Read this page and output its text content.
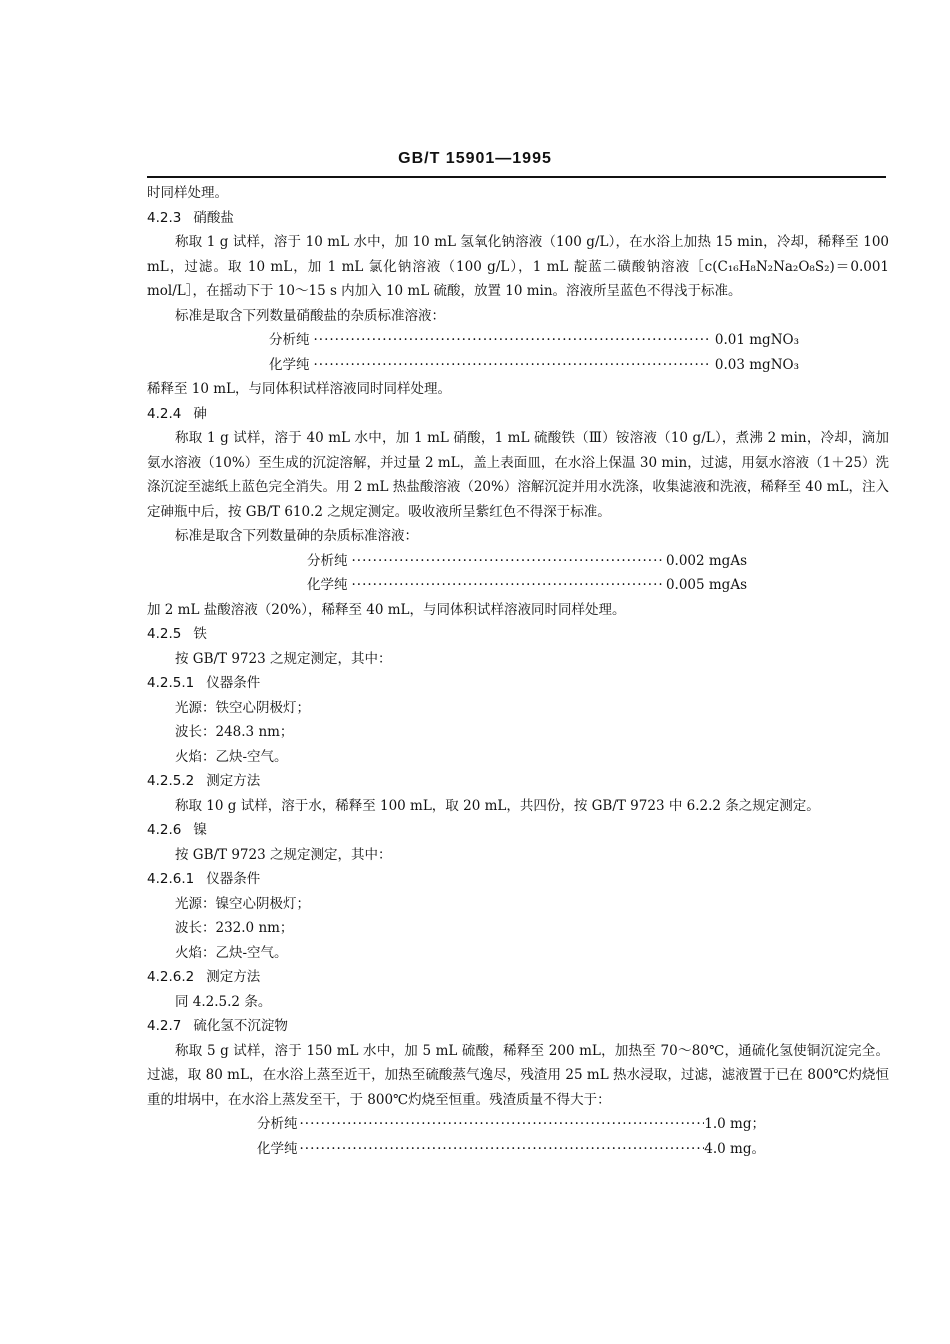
GB/T 15901—1995

时同样处理。

4.2.3 硝酸盐

称取 1 g 试样，溶于 10 mL 水中，加 10 mL 氢氧化钠溶液（100 g/L），在水浴上加热 15 min，冷却，稀释至 100 mL，过滤。取 10 mL，加 1 mL 氯化钠溶液（100 g/L），1 mL 靛蓝二磺酸钠溶液［c(C₁₆H₈N₂Na₂O₈S₂)＝0.001 mol/L］，在摇动下于 10～15 s 内加入 10 mL 硫酸，放置 10 min。溶液所呈蓝色不得浅于标准。

标准是取含下列数量硝酸盐的杂质标准溶液：

分析纯 ·····	0.01 mgNO₃
化学纯 ·····	0.03 mgNO₃

稀释至 10 mL，与同体积试样溶液同时同样处理。

4.2.4 砷

称取 1 g 试样，溶于 40 mL 水中，加 1 mL 硝酸，1 mL 硫酸铁（Ⅲ）铵溶液（10 g/L），煮沸 2 min，冷却，滴加氨水溶液（10%）至生成的沉淀溶解，并过量 2 mL，盖上表面皿，在水浴上保温 30 min，过滤，用氨水溶液（1＋25）洗涤沉淀至滤纸上蓝色完全消失。用 2 mL 热盐酸溶液（20%）溶解沉淀并用水洗涤，收集滤液和洗液，稀释至 40 mL，注入定砷瓶中后，按 GB/T 610.2 之规定测定。吸收液所呈紫红色不得深于标准。

标准是取含下列数量砷的杂质标准溶液：

分析纯 ·····	0.002 mgAs
化学纯 ·····	0.005 mgAs

加 2 mL 盐酸溶液（20%），稀释至 40 mL，与同体积试样溶液同时同样处理。

4.2.5 铁

按 GB/T 9723 之规定测定，其中：

4.2.5.1 仪器条件

光源：铁空心阴极灯；

波长：248.3 nm；

火焰：乙炔-空气。

4.2.5.2 测定方法

称取 10 g 试样，溶于水，稀释至 100 mL，取 20 mL，共四份，按 GB/T 9723 中 6.2.2 条之规定测定。

4.2.6 镍

按 GB/T 9723 之规定测定，其中：

4.2.6.1 仪器条件

光源：镍空心阴极灯；

波长：232.0 nm；

火焰：乙炔-空气。

4.2.6.2 测定方法

同 4.2.5.2 条。

4.2.7 硫化氢不沉淀物

称取 5 g 试样，溶于 150 mL 水中，加 5 mL 硫酸，稀释至 200 mL，加热至 70～80℃，通硫化氢使铜沉淀完全。过滤，取 80 mL，在水浴上蒸至近干，加热至硫酸蒸气逸尽，残渣用 25 mL 热水浸取，过滤，滤液置于已在 800℃灼烧恒重的坩埚中，在水浴上蒸发至干，于 800℃灼烧至恒重。残渣质量不得大于：

分析纯 ·····	1.0 mg；
化学纯 ·····	4.0 mg。
